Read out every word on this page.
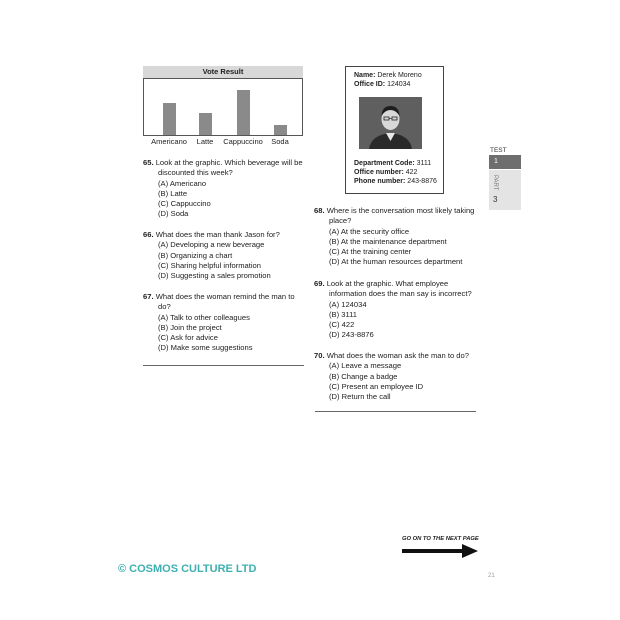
Vote Result
Americano	Latte	Cappuccino	Soda
Name: Derek Moreno
Office ID: 124034
Department Code: 3111
Office number: 422
Phone number: 243-8876
65. Look at the graphic. Which beverage will be discounted this week?
(A) Americano
(B) Latte
(C) Cappuccino
(D) Soda
66. What does the man thank Jason for?
(A) Developing a new beverage
(B) Organizing a chart
(C) Sharing helpful information
(D) Suggesting a sales promotion
67. What does the woman remind the man to do?
(A) Talk to other colleagues
(B) Join the project
(C) Ask for advice
(D) Make some suggestions
68. Where is the conversation most likely taking place?
(A) At the security office
(B) At the maintenance department
(C) At the training center
(D) At the human resources department
69. Look at the graphic. What employee information does the man say is incorrect?
(A) 124034
(B) 3111
(C) 422
(D) 243-8876
70. What does the woman ask the man to do?
(A) Leave a message
(B) Change a badge
(C) Present an employee ID
(D) Return the call
TEST
1
PART
3
GO ON TO THE NEXT PAGE
© COSMOS CULTURE LTD
21
